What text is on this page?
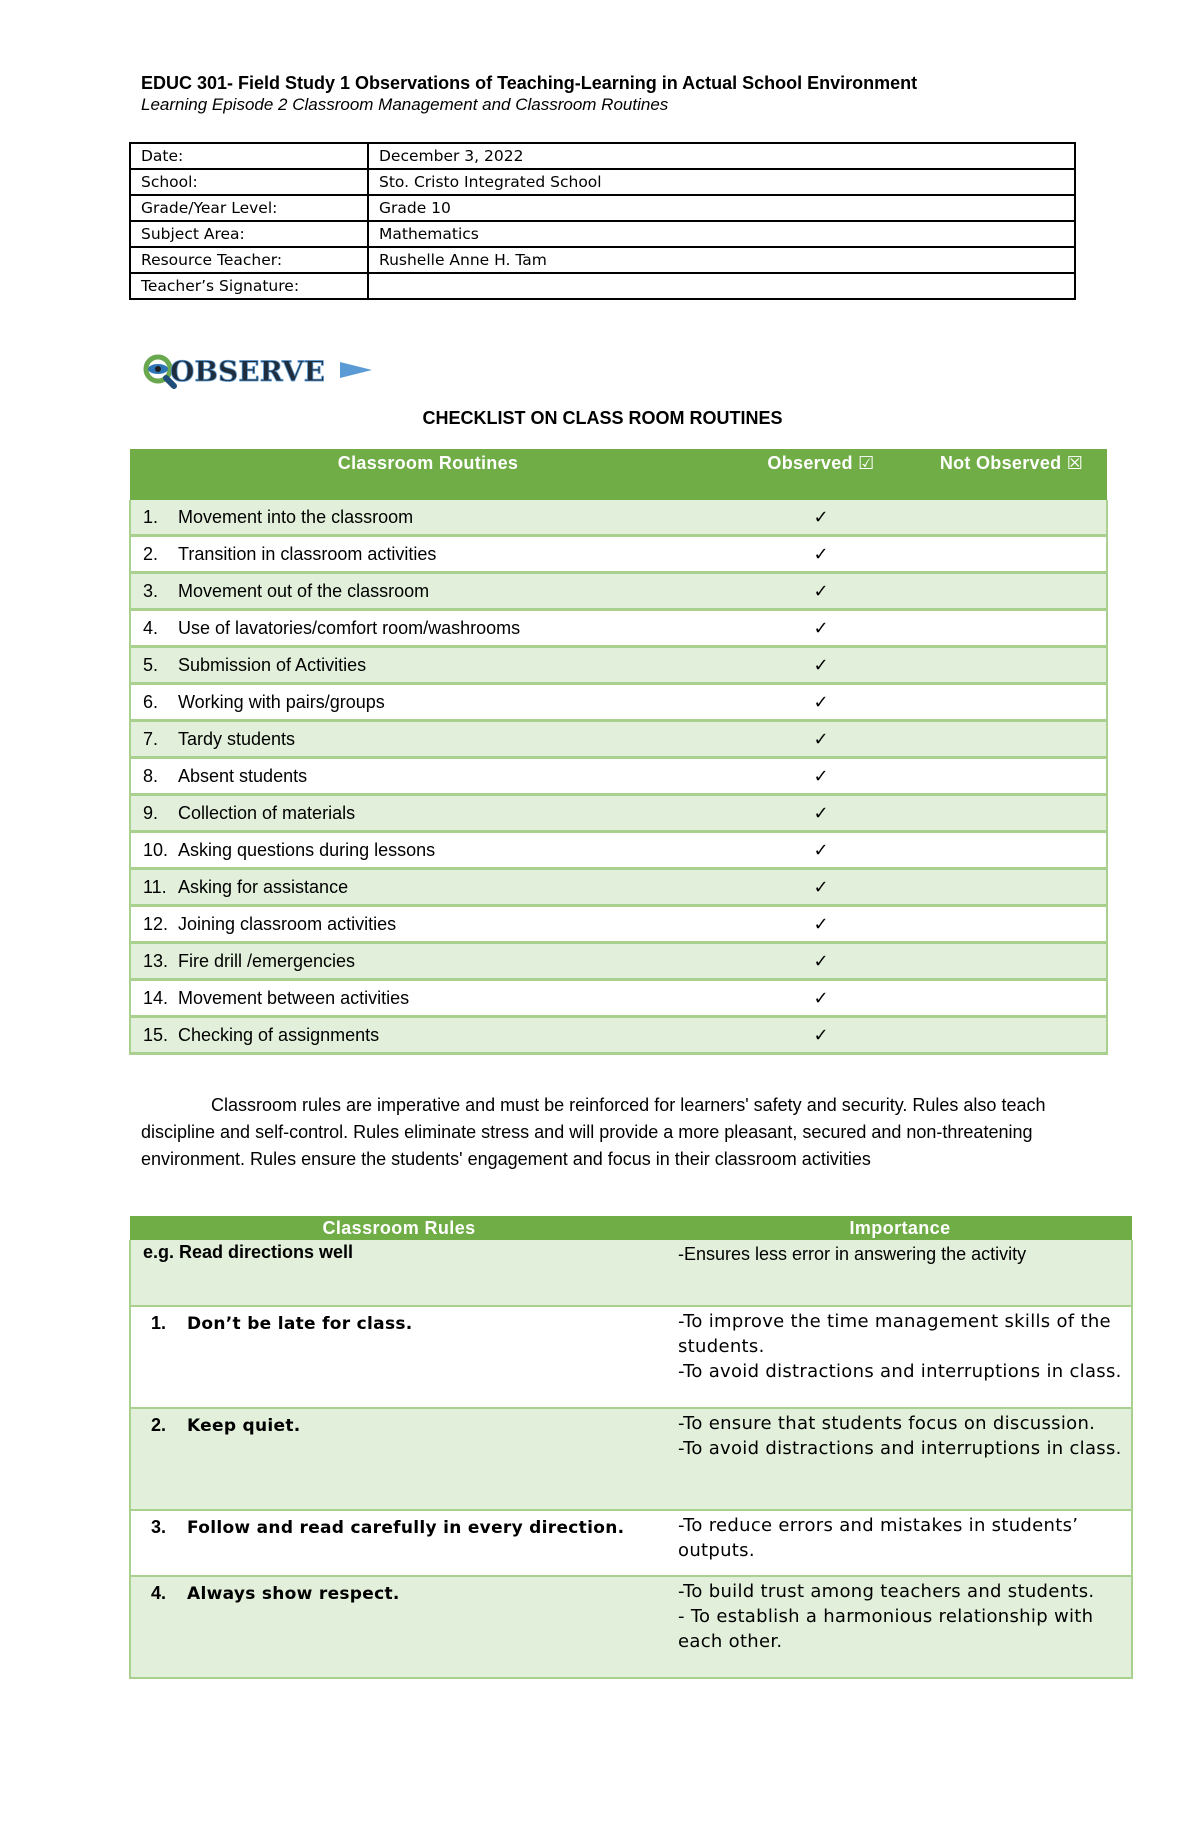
EDUC 301- Field Study 1 Observations of Teaching-Learning in Actual School Environment
Learning Episode 2 Classroom Management and Classroom Routines
Date:	December 3, 2022
School:	Sto. Cristo Integrated School
Grade/Year Level:	Grade 10
Subject Area:	Mathematics
Resource Teacher:	Rushelle Anne H. Tam
Teacher’s Signature:	
OBSERVE
CHECKLIST ON CLASS ROOM ROUTINES
Classroom Routines	Observed ☑	Not Observed ☒
1. Movement into the classroom	✓	
2. Transition in classroom activities	✓	
3. Movement out of the classroom	✓	
4. Use of lavatories/comfort room/washrooms	✓	
5. Submission of Activities	✓	
6. Working with pairs/groups	✓	
7. Tardy students	✓	
8. Absent students	✓	
9. Collection of materials	✓	
10. Asking questions during lessons	✓	
11. Asking for assistance	✓	
12. Joining classroom activities	✓	
13. Fire drill /emergencies	✓	
14. Movement between activities	✓	
15. Checking of assignments	✓	
Classroom rules are imperative and must be reinforced for learners' safety and security. Rules also teach discipline and self-control. Rules eliminate stress and will provide a more pleasant, secured and non-threatening environment. Rules ensure the students' engagement and focus in their classroom activities
Classroom Rules	Importance
e.g. Read directions well	-Ensures less error in answering the activity
1. Don’t be late for class.	-To improve the time management skills of the students.
-To avoid distractions and interruptions in class.

2. Keep quiet.	-To ensure that students focus on discussion.
-To avoid distractions and interruptions in class.

3. Follow and read carefully in every direction.	-To reduce errors and mistakes in students’ outputs.

4. Always show respect.	-To build trust among teachers and students.
- To establish a harmonious relationship with each other.
